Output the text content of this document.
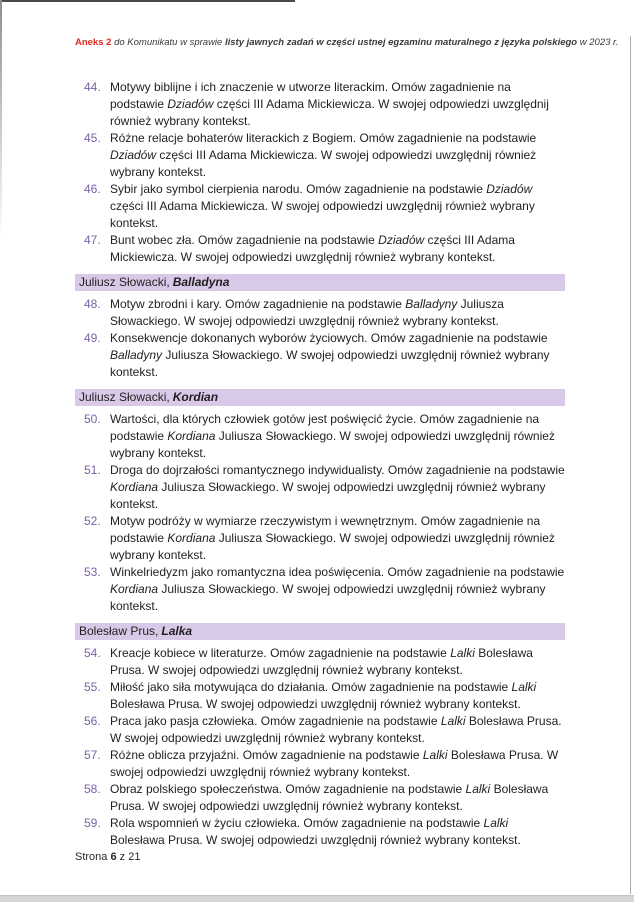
Aneks 2 do Komunikatu w sprawie listy jawnych zadań w części ustnej egzaminu maturalnego z języka polskiego w 2023 r.
44. Motywy biblijne i ich znaczenie w utworze literackim. Omów zagadnienie na podstawie Dziadów części III Adama Mickiewicza. W swojej odpowiedzi uwzględnij również wybrany kontekst.
45. Różne relacje bohaterów literackich z Bogiem. Omów zagadnienie na podstawie Dziadów części III Adama Mickiewicza. W swojej odpowiedzi uwzględnij również wybrany kontekst.
46. Sybir jako symbol cierpienia narodu. Omów zagadnienie na podstawie Dziadów części III Adama Mickiewicza. W swojej odpowiedzi uwzględnij również wybrany kontekst.
47. Bunt wobec zła. Omów zagadnienie na podstawie Dziadów części III Adama Mickiewicza. W swojej odpowiedzi uwzględnij również wybrany kontekst.
Juliusz Słowacki, Balladyna
48. Motyw zbrodni i kary. Omów zagadnienie na podstawie Balladyny Juliusza Słowackiego. W swojej odpowiedzi uwzględnij również wybrany kontekst.
49. Konsekwencje dokonanych wyborów życiowych. Omów zagadnienie na podstawie Balladyny Juliusza Słowackiego. W swojej odpowiedzi uwzględnij również wybrany kontekst.
Juliusz Słowacki, Kordian
50. Wartości, dla których człowiek gotów jest poświęcić życie. Omów zagadnienie na podstawie Kordiana Juliusza Słowackiego. W swojej odpowiedzi uwzględnij również wybrany kontekst.
51. Droga do dojrzałości romantycznego indywidualisty. Omów zagadnienie na podstawie Kordiana Juliusza Słowackiego. W swojej odpowiedzi uwzględnij również wybrany kontekst.
52. Motyw podróży w wymiarze rzeczywistym i wewnętrznym. Omów zagadnienie na podstawie Kordiana Juliusza Słowackiego. W swojej odpowiedzi uwzględnij również wybrany kontekst.
53. Winkelriedyzm jako romantyczna idea poświęcenia. Omów zagadnienie na podstawie Kordiana Juliusza Słowackiego. W swojej odpowiedzi uwzględnij również wybrany kontekst.
Bolesław Prus, Lalka
54. Kreacje kobiece w literaturze. Omów zagadnienie na podstawie Lalki Bolesława Prusa. W swojej odpowiedzi uwzględnij również wybrany kontekst.
55. Miłość jako siła motywująca do działania. Omów zagadnienie na podstawie Lalki Bolesława Prusa. W swojej odpowiedzi uwzględnij również wybrany kontekst.
56. Praca jako pasja człowieka. Omów zagadnienie na podstawie Lalki Bolesława Prusa. W swojej odpowiedzi uwzględnij również wybrany kontekst.
57. Różne oblicza przyjaźni. Omów zagadnienie na podstawie Lalki Bolesława Prusa. W swojej odpowiedzi uwzględnij również wybrany kontekst.
58. Obraz polskiego społeczeństwa. Omów zagadnienie na podstawie Lalki Bolesława Prusa. W swojej odpowiedzi uwzględnij również wybrany kontekst.
59. Rola wspomnień w życiu człowieka. Omów zagadnienie na podstawie Lalki Bolesława Prusa. W swojej odpowiedzi uwzględnij również wybrany kontekst.
Strona 6 z 21
